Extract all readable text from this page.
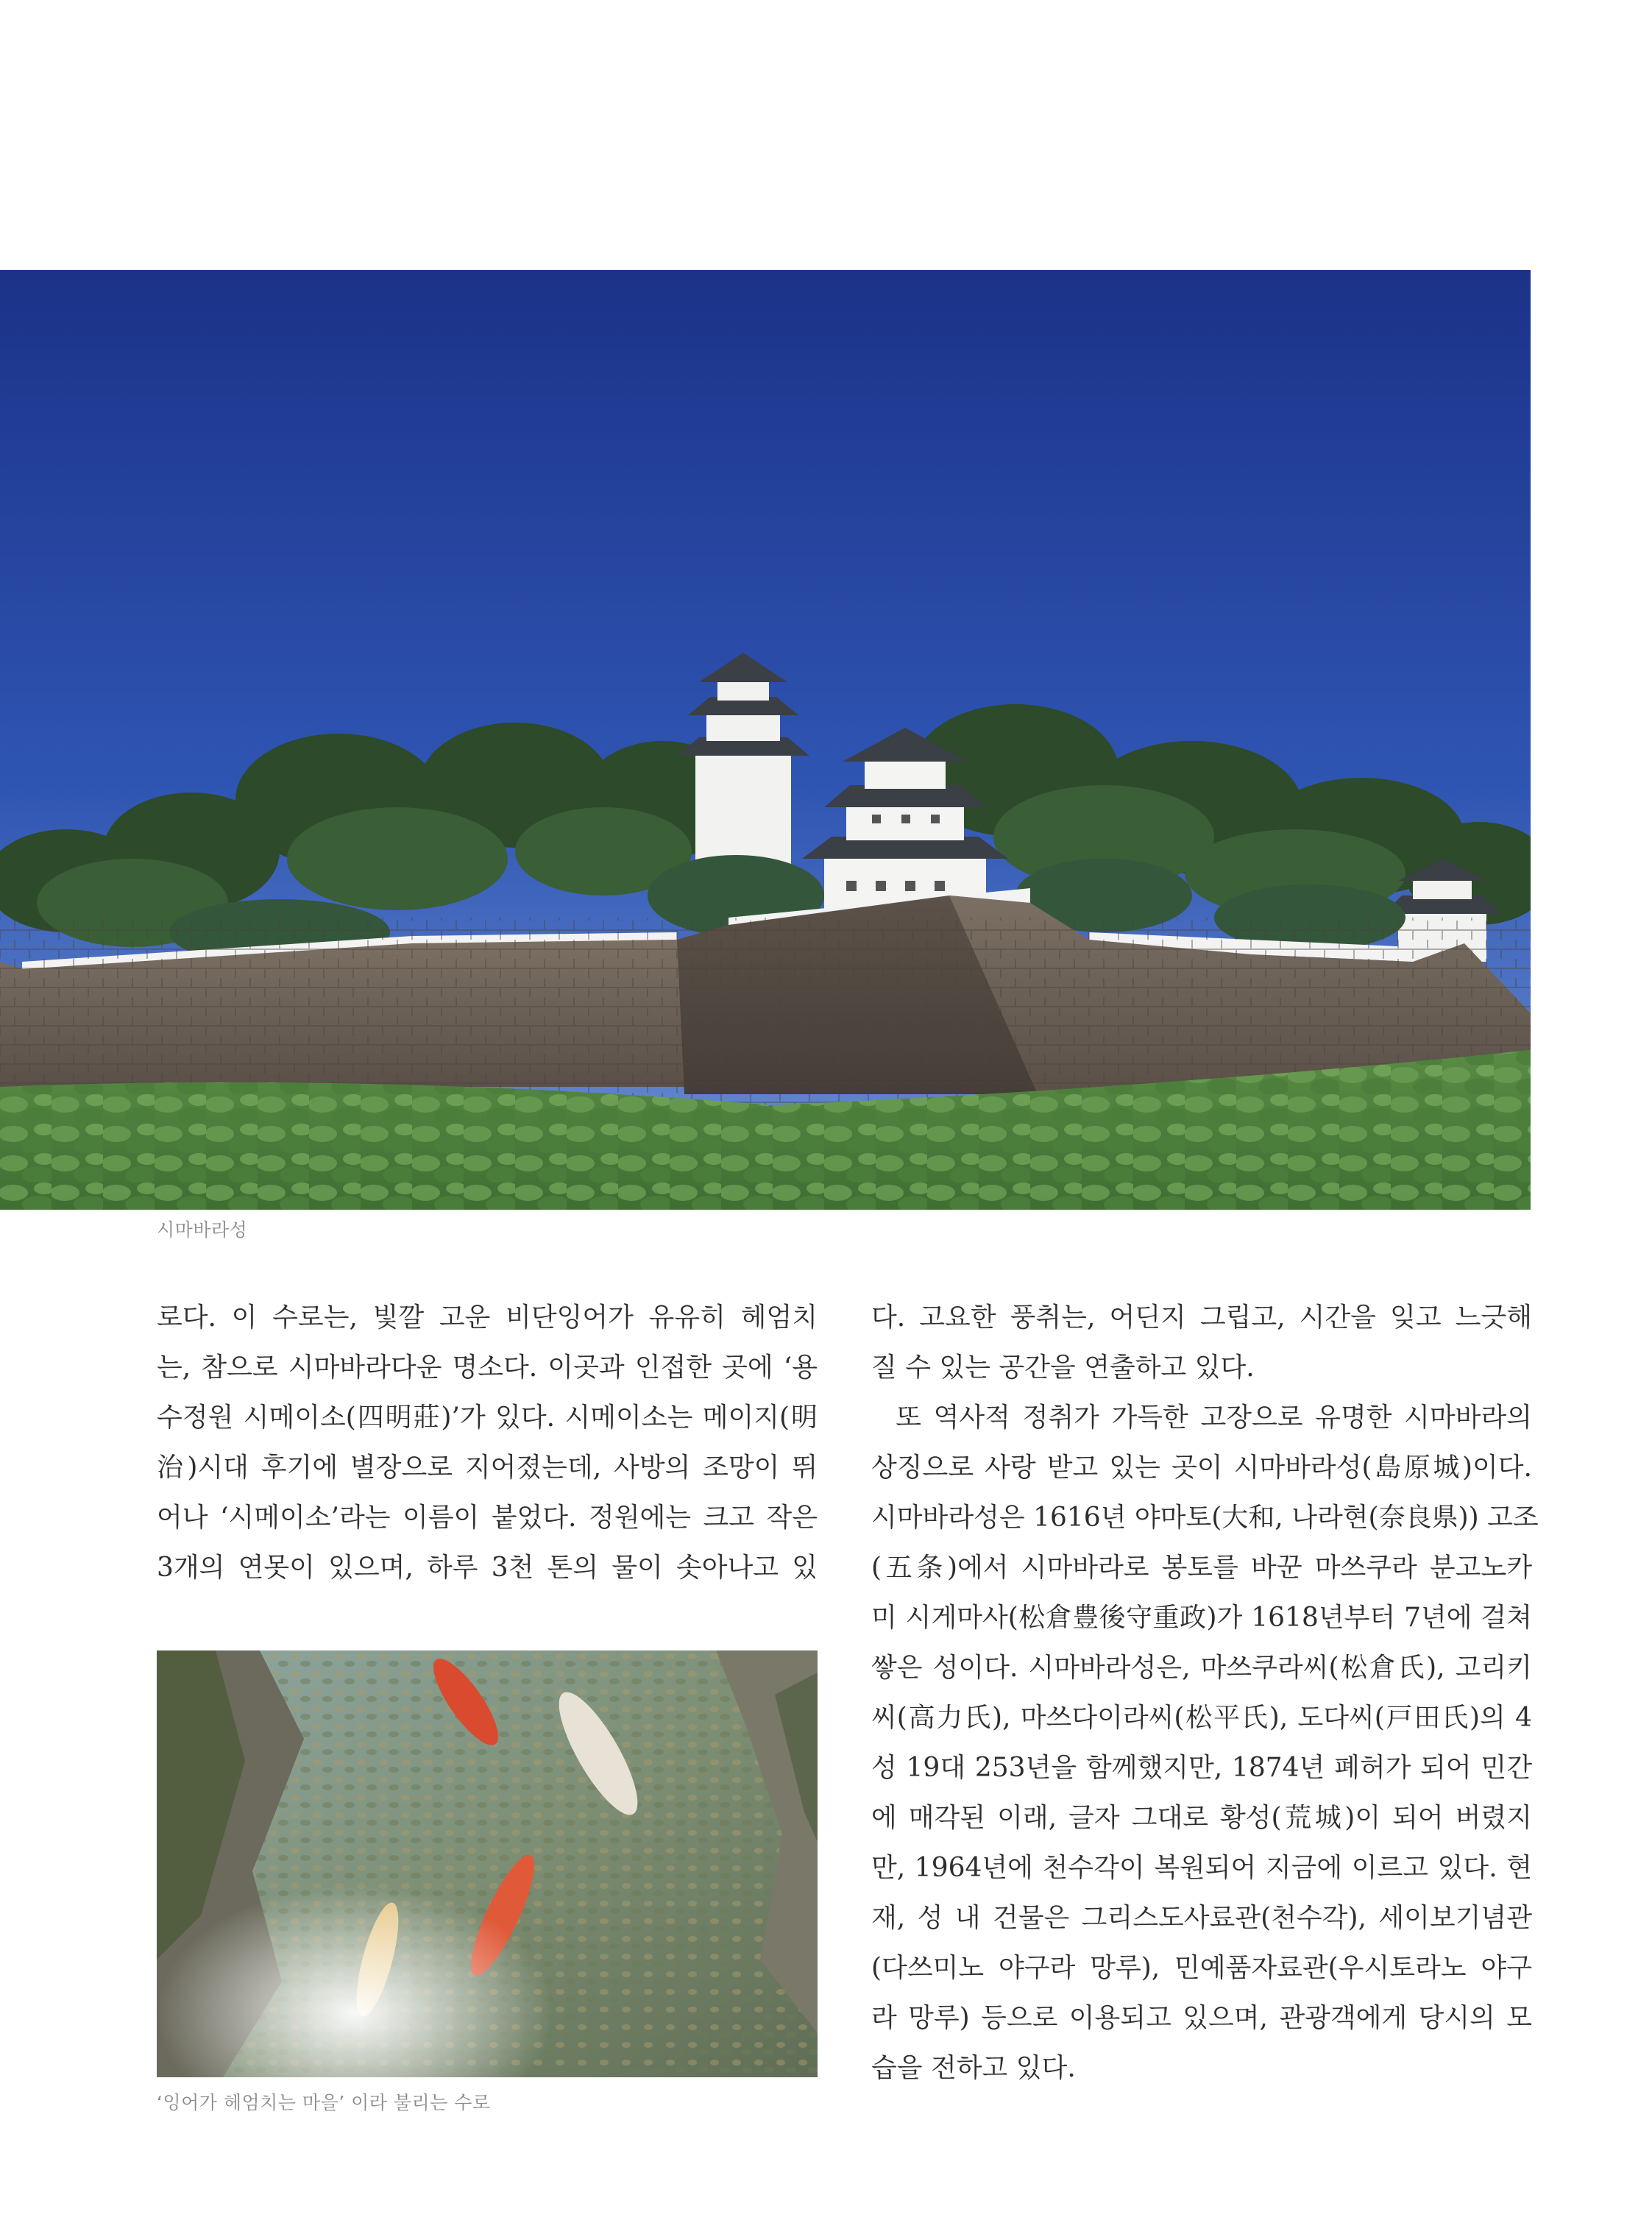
시마바라성
로다. 이 수로는, 빛깔 고운 비단잉어가 유유히 헤엄치
는, 참으로 시마바라다운 명소다. 이곳과 인접한 곳에 ‘용
수정원 시메이소(四明莊)’가 있다. 시메이소는 메이지(明
治)시대 후기에 별장으로 지어졌는데, 사방의 조망이 뛰
어나 ‘시메이소’라는 이름이 붙었다. 정원에는 크고 작은
3개의 연못이 있으며, 하루 3천 톤의 물이 솟아나고 있
‘잉어가 헤엄치는 마을’ 이라 불리는 수로
다. 고요한 풍취는, 어딘지 그립고, 시간을 잊고 느긋해
질 수 있는 공간을 연출하고 있다.
또 역사적 정취가 가득한 고장으로 유명한 시마바라의
상징으로 사랑 받고 있는 곳이 시마바라성(島原城)이다.
시마바라성은 1616년 야마토(大和, 나라현(奈良県)) 고조
(五条)에서 시마바라로 봉토를 바꾼 마쓰쿠라 분고노카
미 시게마사(松倉豊後守重政)가 1618년부터 7년에 걸쳐
쌓은 성이다. 시마바라성은, 마쓰쿠라씨(松倉氏), 고리키
씨(高力氏), 마쓰다이라씨(松平氏), 도다씨(戸田氏)의 4
성 19대 253년을 함께했지만, 1874년 폐허가 되어 민간
에 매각된 이래, 글자 그대로 황성(荒城)이 되어 버렸지
만, 1964년에 천수각이 복원되어 지금에 이르고 있다. 현
재, 성 내 건물은 그리스도사료관(천수각), 세이보기념관
(다쓰미노 야구라 망루), 민예품자료관(우시토라노 야구
라 망루) 등으로 이용되고 있으며, 관광객에게 당시의 모
습을 전하고 있다.
